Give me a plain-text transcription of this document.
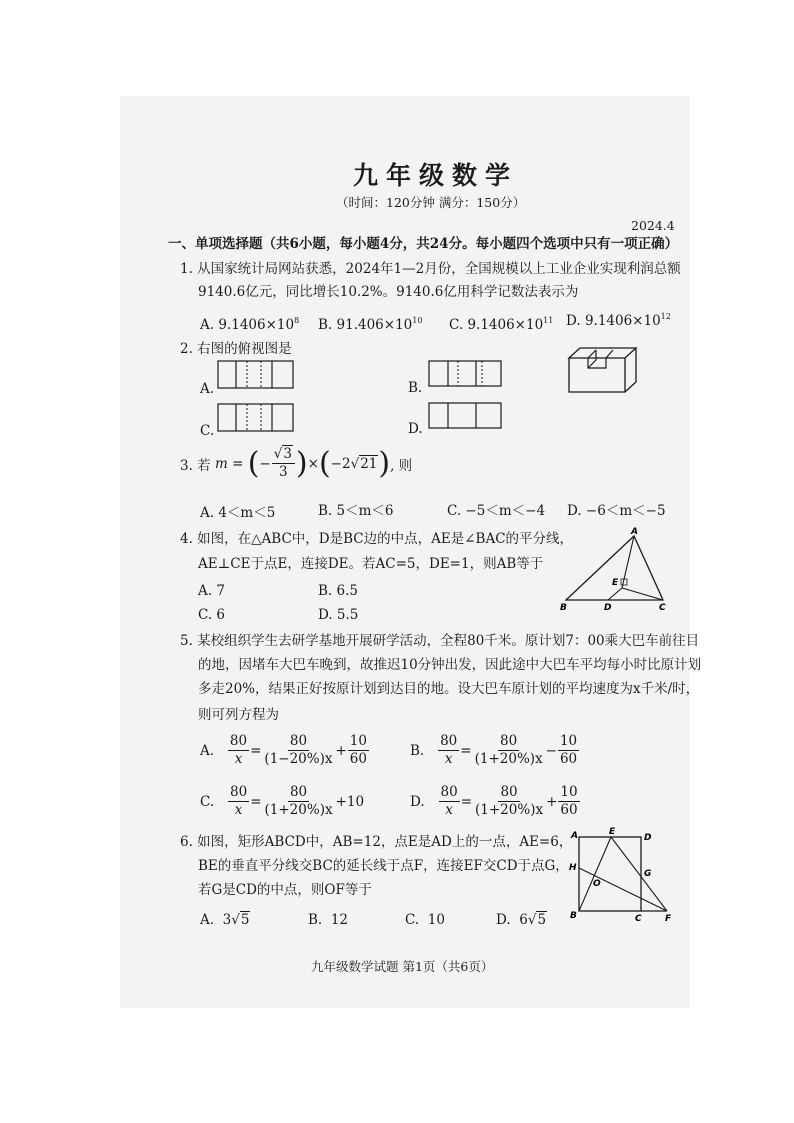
九年级数学
（时间：120分钟 满分：150分）
2024.4
一、单项选择题（共6小题，每小题4分，共24分。每小题四个选项中只有一项正确）
1. 从国家统计局网站获悉，2024年1—2月份，全国规模以上工业企业实现利润总额
9140.6亿元，同比增长10.2%。9140.6亿用科学记数法表示为
A. $9.1406\times 10^8$ B. $91.406\times 10^{10}$ C. $9.1406\times 10^{11}$ D. $9.1406\times 10^{12}$
2. 右图的俯视图是
A.	B.
C.	D.
3. 若
m
=
( − $\frac{√3}{3}$ ) × ( −2 √ 21 ) , 则
A. 4＜m＜5	B. 5＜m＜6	C. −5＜m＜−4 D. −6＜m＜−5
4. 如图，在△ABC中，D是BC边的中点，AE是∠BAC的平分线，
AE⊥CE于点E，连接DE。若AC=5，DE=1，则AB等于
A. 7	B. 6.5
C. 6	D. 5.5
A
E
B	D	C
5. 某校组织学生去研学基地开展研学活动，全程80千米。原计划7：00乘大巴车前往目
的地，因堵车大巴车晚到，故推迟10分钟出发，因此途中大巴车平均每小时比原计划
多走20%，结果正好按原计划到达目的地。设大巴车原计划的平均速度为x千米/时，
则可列方程为
A.
$\frac{80}{x} = \frac{80}{(1-20\%)x} + \frac{10}{60}$	B.
$\frac{80}{x} = \frac{80}{(1+20\%)x} - \frac{10}{60}$
C.
$\frac{80}{x} = \frac{80}{(1+20\%)x} +10$	D.
$\frac{80}{x} = \frac{80}{(1+20\%)x} + \frac{10}{60}$
6. 如图，矩形ABCD中，AB=12，点E是AD上的一点，AE=6，
BE的垂直平分线交BC的延长线于点F，连接EF交CD于点G，
若G是CD的中点，则OF等于
A. 3√5	B. 12	C. 10	D. 6√5
A	E
D
H
G
O
B	C	F
九年级数学试题 第1页（共6页）
